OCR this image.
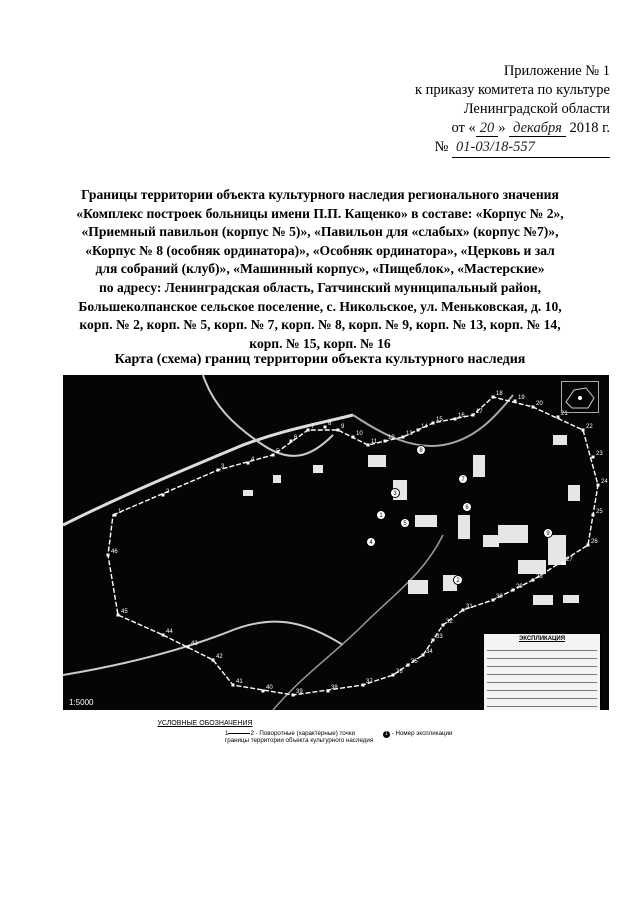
Приложение № 1
к приказу комитета по культуре
Ленинградской области
от « 20 » декабря 2018 г.
№ 01-03/18-557
Границы территории объекта культурного наследия регионального значения
«Комплекс построек больницы имени П.П. Кащенко» в составе: «Корпус № 2»,
«Приемный павильон (корпус № 5)», «Павильон для «слабых» (корпус №7)»,
«Корпус № 8 (особняк ординатора)», «Особняк ординатора», «Церковь и зал
для собраний (клуб)», «Машинный корпус», «Пищеблок», «Мастерские»
по адресу: Ленинградская область, Гатчинский муниципальный район,
Большеколпанское сельское поселение, с. Никольское, ул. Меньковская, д. 10,
корп. № 2, корп. № 5, корп. № 7, корп. № 8, корп. № 9, корп. № 13, корп. № 14,
корп. № 15, корп. № 16
Карта (схема) границ территории объекта культурного наследия
1
2
3
4
5
6
7 8 9
10
11
12
13
14
15
16
17
18
19
20
21
22
23
24
25
26
27
28
29
30
31
32
33
34
35
36
37
38
39
40
41
42
43
44
45
46
1
2
3
4
5
6
7
8
9
1:5000
ЭКСПЛИКАЦИЯ
УСЛОВНЫЕ ОБОЗНАЧЕНИЯ
1	2 - Поворотные (характерные) точки границы территории объекта культурного наследия
1 - Номер экспликации
